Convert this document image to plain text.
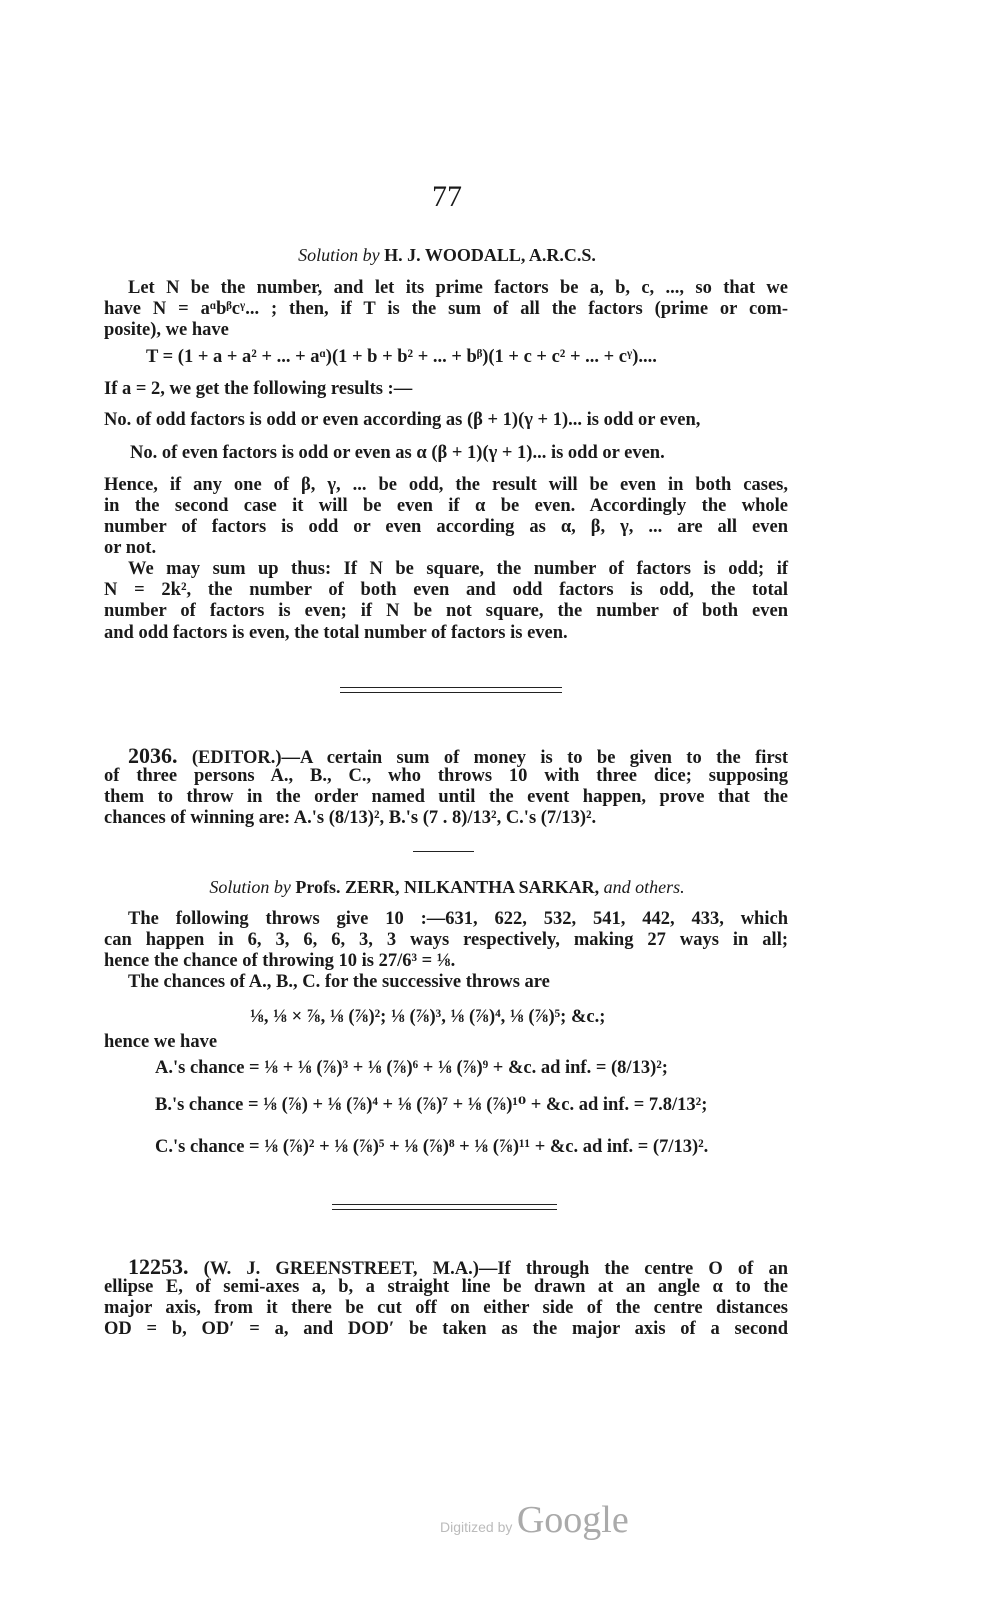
77
Solution by H. J. WOODALL, A.R.C.S.
Let N be the number, and let its prime factors be a, b, c, ..., so that we
have N = aᵅbᵝcᵞ... ; then, if T is the sum of all the factors (prime or com-
posite), we have
T = (1 + a + a² + ... + aᵅ)(1 + b + b² + ... + bᵝ)(1 + c + c² + ... + cᵞ)....
If a = 2, we get the following results :—
No. of odd factors is odd or even according as (β + 1)(γ + 1)... is odd or even,
No. of even factors is odd or even as α (β + 1)(γ + 1)... is odd or even.
Hence, if any one of β, γ, ... be odd, the result will be even in both cases,
in the second case it will be even if α be even. Accordingly the whole
number of factors is odd or even according as α, β, γ, ... are all even
or not.
We may sum up thus: If N be square, the number of factors is odd; if
N = 2k², the number of both even and odd factors is odd, the total
number of factors is even; if N be not square, the number of both even
and odd factors is even, the total number of factors is even.
2036. (EDITOR.)—A certain sum of money is to be given to the first
of three persons A., B., C., who throws 10 with three dice; supposing
them to throw in the order named until the event happen, prove that the
chances of winning are: A.'s (8/13)², B.'s (7 . 8)/13², C.'s (7/13)².
Solution by Profs. ZERR, NILKANTHA SARKAR, and others.
The following throws give 10 :—631, 622, 532, 541, 442, 433, which
can happen in 6, 3, 6, 6, 3, 3 ways respectively, making 27 ways in all;
hence the chance of throwing 10 is 27/6³ = ⅛.
The chances of A., B., C. for the successive throws are
⅛, ⅛ × ⅞, ⅛ (⅞)²; ⅛ (⅞)³, ⅛ (⅞)⁴, ⅛ (⅞)⁵; &c.;
hence we have
A.'s chance = ⅛ + ⅛ (⅞)³ + ⅛ (⅞)⁶ + ⅛ (⅞)⁹ + &c. ad inf. = (8/13)²;
B.'s chance = ⅛ (⅞) + ⅛ (⅞)⁴ + ⅛ (⅞)⁷ + ⅛ (⅞)¹⁰ + &c. ad inf. = 7.8/13²;
C.'s chance = ⅛ (⅞)² + ⅛ (⅞)⁵ + ⅛ (⅞)⁸ + ⅛ (⅞)¹¹ + &c. ad inf. = (7/13)².
12253. (W. J. GREENSTREET, M.A.)—If through the centre O of an
ellipse E, of semi-axes a, b, a straight line be drawn at an angle α to the
major axis, from it there be cut off on either side of the centre distances
OD = b, OD′ = a, and DOD′ be taken as the major axis of a second
Digitized by Google
